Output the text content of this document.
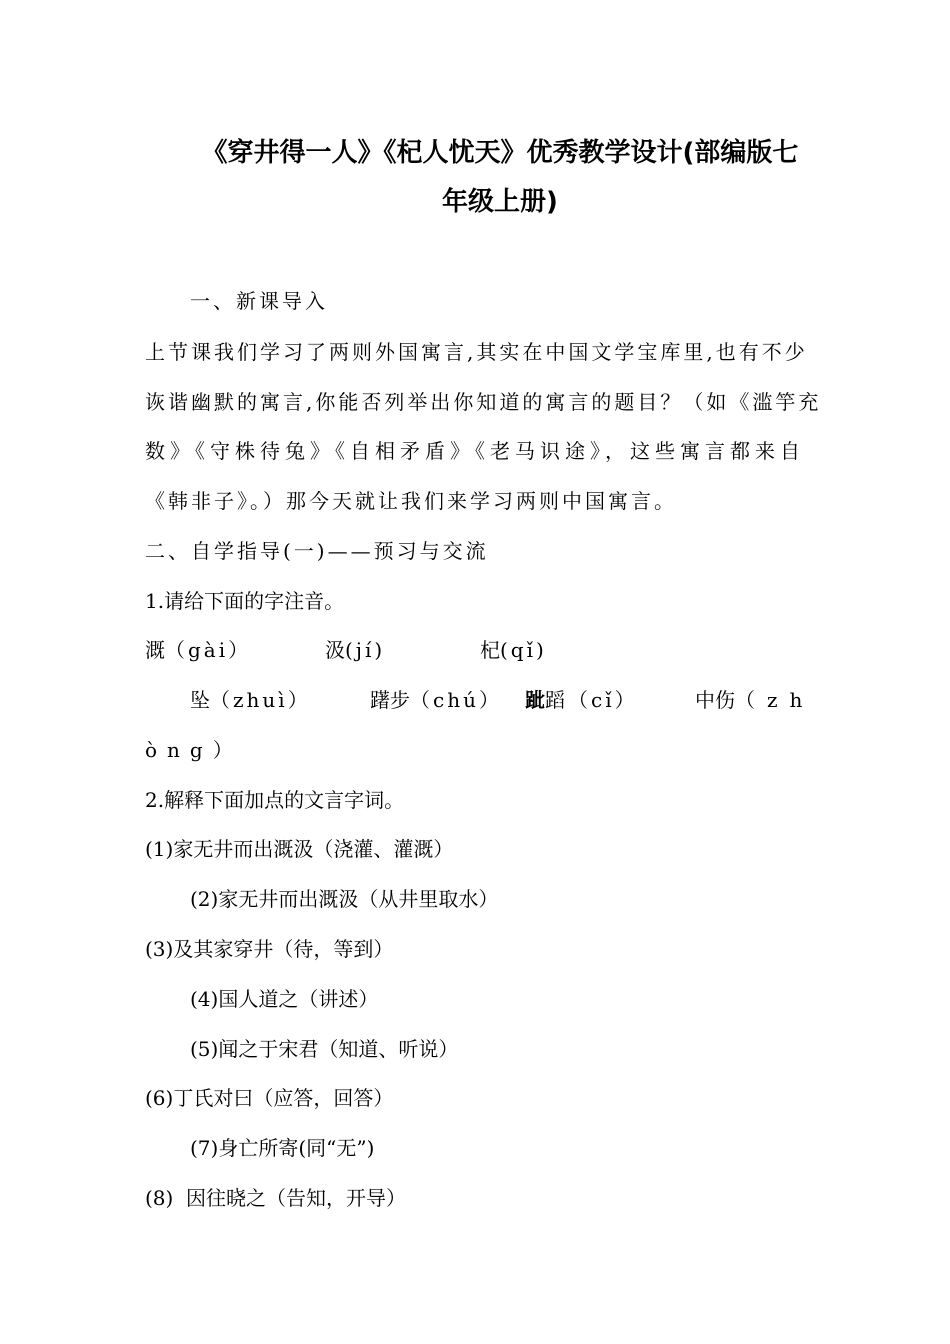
《穿井得一人》《杞人忧天》优秀教学设计(部编版七
年级上册)
一、新课导入
上节课我们学习了两则外国寓言,其实在中国文学宝库里,也有不少
诙谐幽默的寓言,你能否列举出你知道的寓言的题目？（如《滥竽充
数》《守株待兔》《自相矛盾》《老马识途》，这些寓言都来自
《韩非子》。）那今天就让我们来学习两则中国寓言。
二、自学指导(一)——预习与交流
1.请给下面的字注音。
溉（gài）	汲(jí)	杞(qǐ)
坠（zhuì）	躇步（chú） 跐蹈（cǐ）	中伤（zh
òng）
2.解释下面加点的文言字词。
(1)家无井而出溉汲（浇灌、灌溉）
(2)家无井而出溉汲（从井里取水）
(3)及其家穿井（待，等到）
(4)国人道之（讲述）
(5)闻之于宋君（知道、听说）
(6)丁氏对曰（应答，回答）
(7)身亡所寄(同“无”)
(8)  因往晓之（告知，开导）
